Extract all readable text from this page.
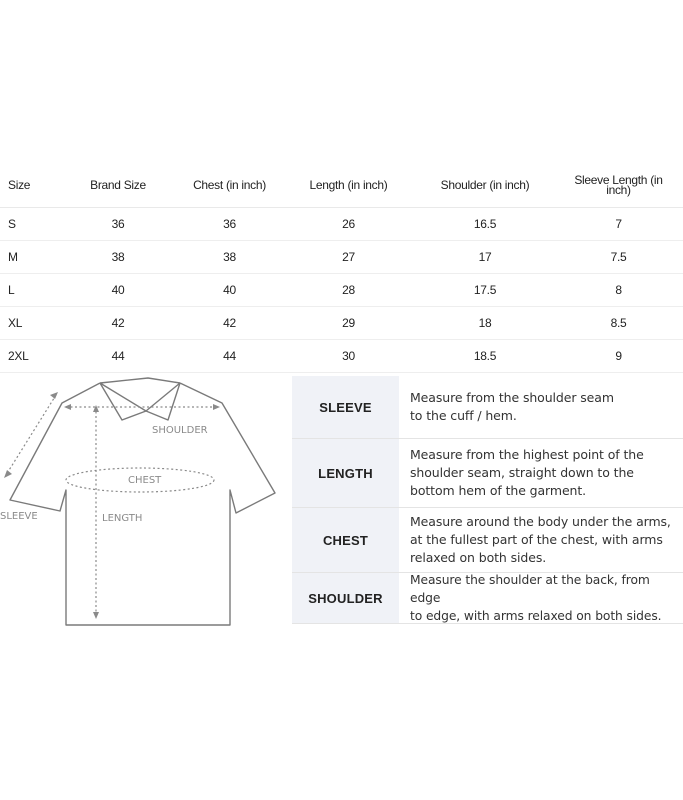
Size	Brand Size	Chest (in inch)	Length (in inch)	Shoulder (in inch)	Sleeve Length (in inch)
S	36	36	26	16.5	7
M	38	38	27	17	7.5
L	40	40	28	17.5	8
XL	42	42	29	18	8.5
2XL	44	44	30	18.5	9
SHOULDER
CHEST
SLEEVE	LENGTH
SLEEVE
Measure from the shoulder seam
to the cuff / hem.
LENGTH
Measure from the highest point of the
shoulder seam, straight down to the
bottom hem of the garment.
CHEST
Measure around the body under the arms,
at the fullest part of the chest, with arms
relaxed on both sides.
SHOULDER
Measure the shoulder at the back, from edge
to edge, with arms relaxed on both sides.
